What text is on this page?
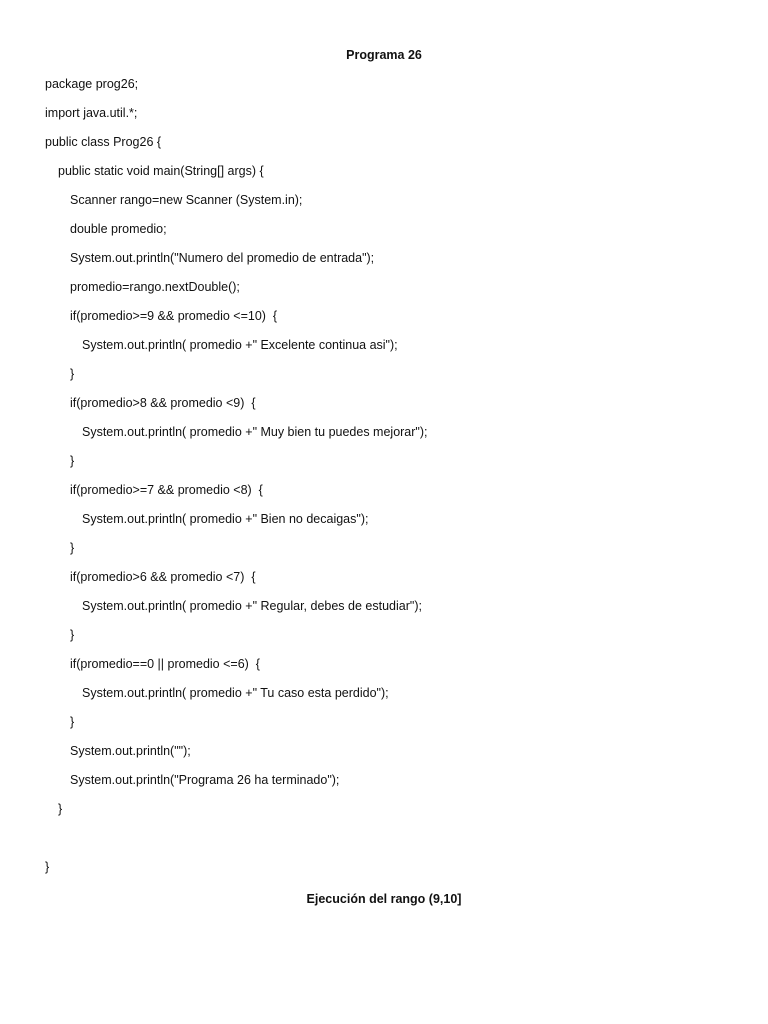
Programa 26
package prog26;
import java.util.*;
public class Prog26 {
public static void main(String[] args) {
Scanner rango=new Scanner (System.in);
double promedio;
System.out.println("Numero del promedio de entrada");
promedio=rango.nextDouble();
if(promedio>=9 && promedio <=10)  {
System.out.println( promedio +" Excelente continua asi");
}
if(promedio>8 && promedio <9)  {
System.out.println( promedio +" Muy bien tu puedes mejorar");
}
if(promedio>=7 && promedio <8)  {
System.out.println( promedio +" Bien no decaigas");
}
if(promedio>6 && promedio <7)  {
System.out.println( promedio +" Regular, debes de estudiar");
}
if(promedio==0 || promedio <=6)  {
System.out.println( promedio +" Tu caso esta perdido");
}
System.out.println("");
System.out.println("Programa 26 ha terminado");
}
}
Ejecución del rango (9,10]
